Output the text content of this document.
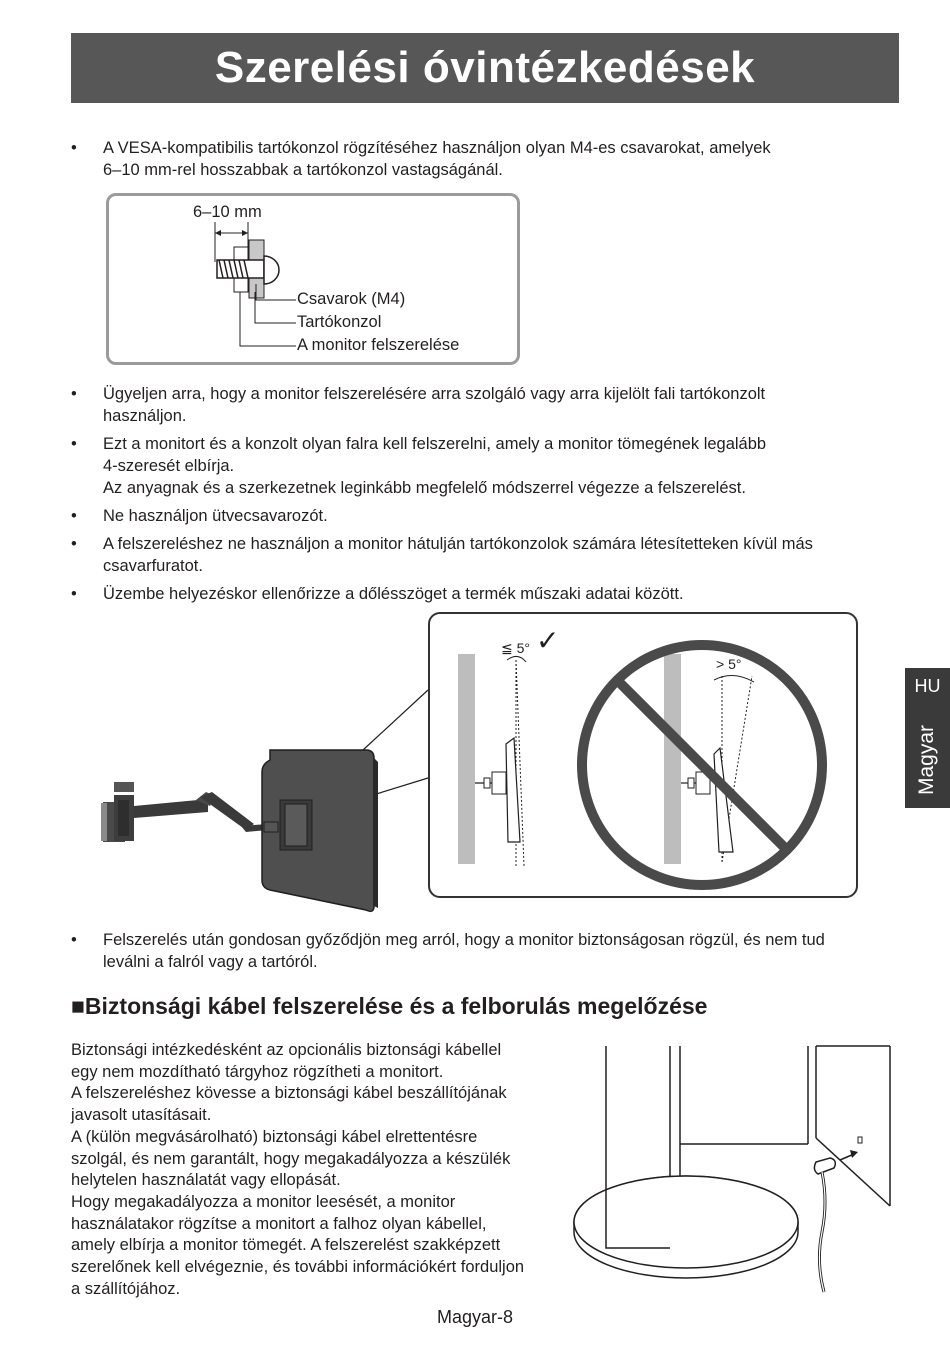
Szerelési óvintézkedések
• A VESA-kompatibilis tartókonzol rögzítéséhez használjon olyan M4-es csavarokat, amelyek
6–10 mm-rel hosszabbak a tartókonzol vastagságánál.
6–10 mm
Csavarok (M4)
Tartókonzol
A monitor felszerelése
• Ügyeljen arra, hogy a monitor felszerelésére arra szolgáló vagy arra kijelölt fali tartókonzolt
használjon.
• Ezt a monitort és a konzolt olyan falra kell felszerelni, amely a monitor tömegének legalább
4-szeresét elbírja.
Az anyagnak és a szerkezetnek leginkább megfelelő módszerrel végezze a felszerelést.
• Ne használjon ütvecsavarozót.
• A felszereléshez ne használjon a monitor hátulján tartókonzolok számára létesítetteken kívül más
csavarfuratot.
• Üzembe helyezéskor ellenőrizze a dőlésszöget a termék műszaki adatai között.
≦ 5° ✓
> 5°
• Felszerelés után gondosan győződjön meg arról, hogy a monitor biztonságosan rögzül, és nem tud
leválni a falról vagy a tartóról.
■Biztonsági kábel felszerelése és a felborulás megelőzése
Biztonsági intézkedésként az opcionális biztonsági kábellel
egy nem mozdítható tárgyhoz rögzítheti a monitort.
A felszereléshez kövesse a biztonsági kábel beszállítójának
javasolt utasításait.
A (külön megvásárolható) biztonsági kábel elrettentésre
szolgál, és nem garantált, hogy megakadályozza a készülék
helytelen használatát vagy ellopását.
Hogy megakadályozza a monitor leesését, a monitor
használatakor rögzítse a monitort a falhoz olyan kábellel,
amely elbírja a monitor tömegét. A felszerelést szakképzett
szerelőnek kell elvégeznie, és további információkért forduljon
a szállítójához.
HU
Magyar
Magyar-8
